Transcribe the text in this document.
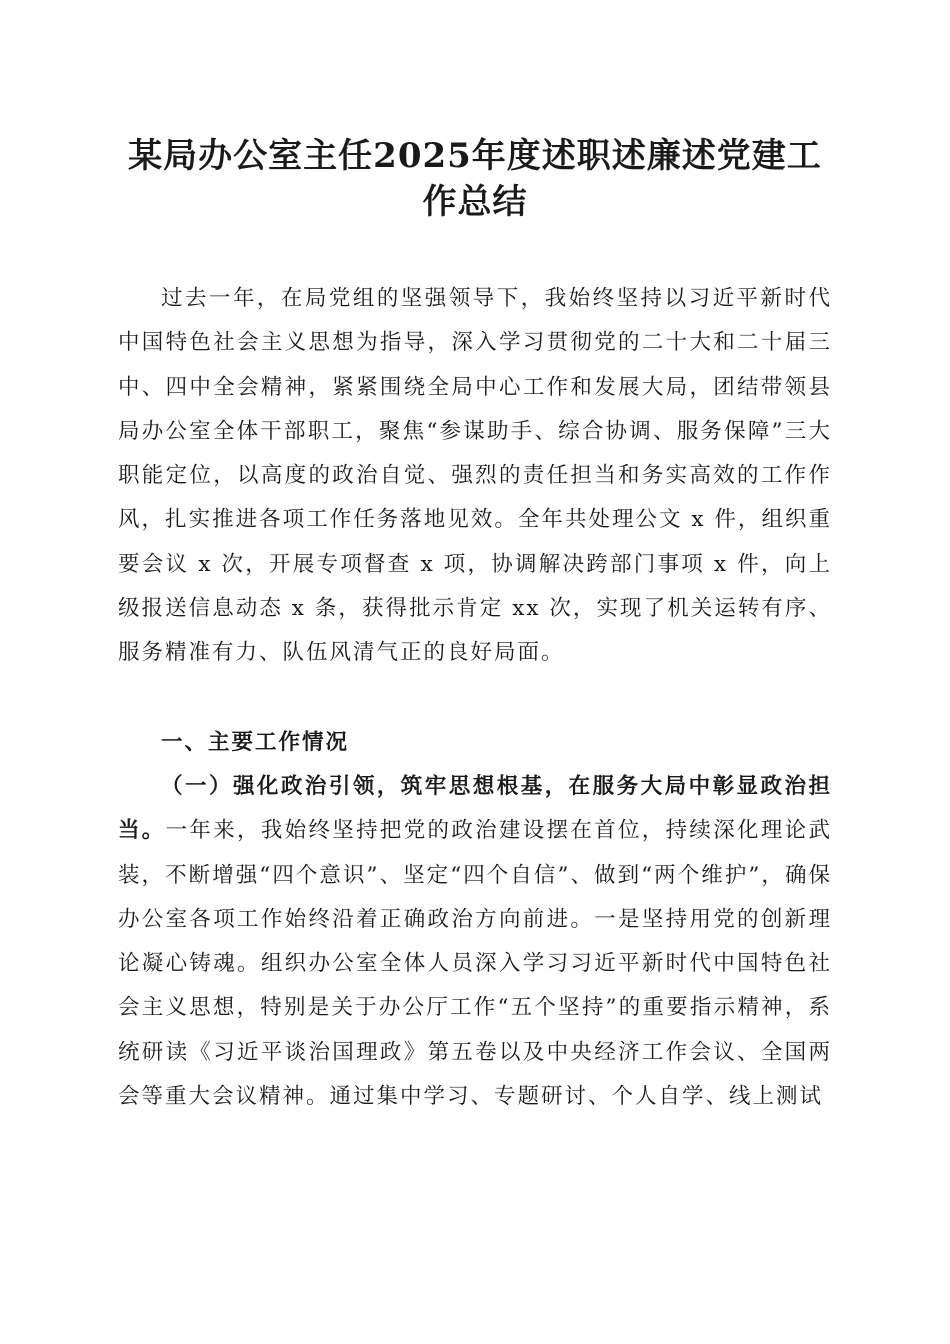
某局办公室主任2025年度述职述廉述党建工
作总结

过去一年，在局党组的坚强领导下，我始终坚持以习近平新时代中国特色社会主义思想为指导，深入学习贯彻党的二十大和二十届三中、四中全会精神，紧紧围绕全局中心工作和发展大局，团结带领县局办公室全体干部职工，聚焦“参谋助手、综合协调、服务保障”三大职能定位，以高度的政治自觉、强烈的责任担当和务实高效的工作作风，扎实推进各项工作任务落地见效。全年共处理公文 x 件，组织重要会议 x 次，开展专项督查 x 项，协调解决跨部门事项 x 件，向上级报送信息动态 x 条，获得批示肯定 xx 次，实现了机关运转有序、服务精准有力、队伍风清气正的良好局面。

一、主要工作情况

（一）强化政治引领，筑牢思想根基，在服务大局中彰显政治担当。一年来，我始终坚持把党的政治建设摆在首位，持续深化理论武装，不断增强“四个意识”、坚定“四个自信”、做到“两个维护”，确保办公室各项工作始终沿着正确政治方向前进。一是坚持用党的创新理论凝心铸魂。组织办公室全体人员深入学习习近平新时代中国特色社会主义思想，特别是关于办公厅工作“五个坚持”的重要指示精神，系统研读《习近平谈治国理政》第五卷以及中央经济工作会议、全国两会等重大会议精神。通过集中学习、专题研讨、个人自学、线上测试
